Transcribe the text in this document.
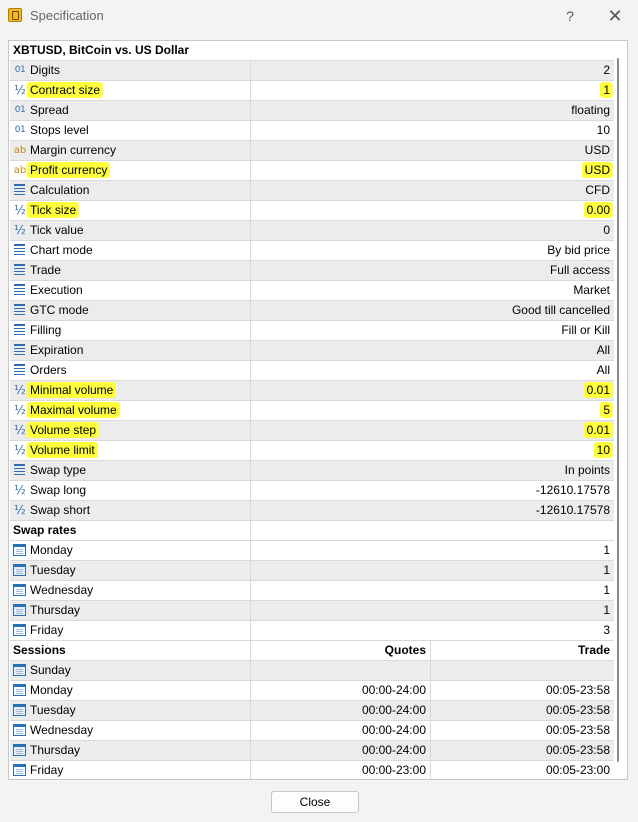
Specification	?	✕
XBTUSD, BitCoin vs. US Dollar
01 Digits	2
½ Contract size	1
01 Spread	floating
01 Stops level	10
ab Margin currency	USD
ab Profit currency	USD
Calculation	CFD
½ Tick size	0.00
½ Tick value	0
Chart mode	By bid price
Trade	Full access
Execution	Market
GTC mode	Good till cancelled
Filling	Fill or Kill
Expiration	All
Orders	All
½ Minimal volume	0.01
½ Maximal volume	5
½ Volume step	0.01
½ Volume limit	10
Swap type	In points
½ Swap long	-12610.17578
½ Swap short	-12610.17578
Swap rates
Monday	1
Tuesday	1
Wednesday	1
Thursday	1
Friday	3
Sessions	Quotes	Trade
Sunday
Monday	00:00-24:00	00:05-23:58
Tuesday	00:00-24:00	00:05-23:58
Wednesday	00:00-24:00	00:05-23:58
Thursday	00:00-24:00	00:05-23:58
Friday	00:00-23:00	00:05-23:00
Close
